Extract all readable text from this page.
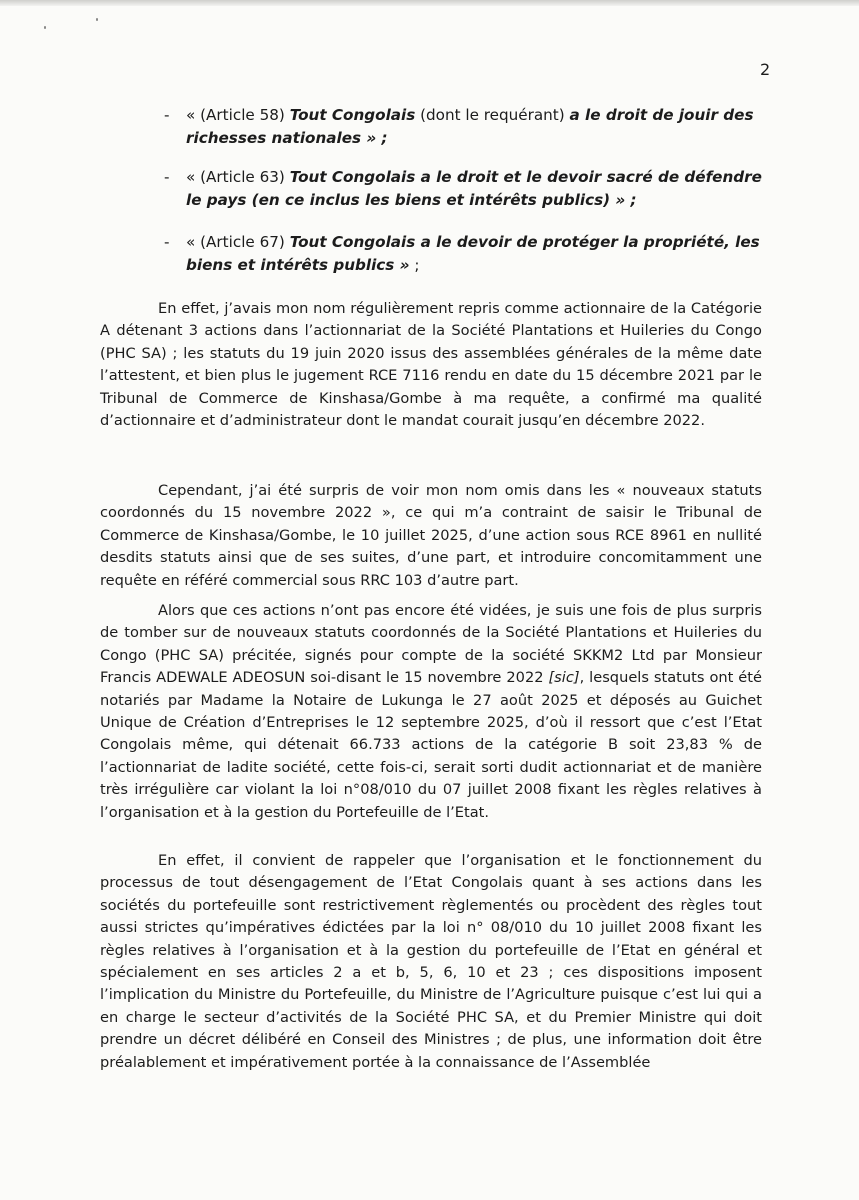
2
-	« (Article 58) Tout Congolais (dont le requérant) a le droit de jouir des richesses nationales » ;
-	« (Article 63) Tout Congolais a le droit et le devoir sacré de défendre le pays (en ce inclus les biens et intérêts publics) » ;
-	« (Article 67) Tout Congolais a le devoir de protéger la propriété, les biens et intérêts publics » ;

En effet, j’avais mon nom régulièrement repris comme actionnaire de la Catégorie A détenant 3 actions dans l’actionnariat de la Société Plantations et Huileries du Congo (PHC SA) ; les statuts du 19 juin 2020 issus des assemblées générales de la même date l’attestent, et bien plus le jugement RCE 7116 rendu en date du 15 décembre 2021 par le Tribunal de Commerce de Kinshasa/Gombe à ma requête, a confirmé ma qualité d’actionnaire et d’administrateur dont le mandat courait jusqu’en décembre 2022.

Cependant, j’ai été surpris de voir mon nom omis dans les « nouveaux statuts coordonnés du 15 novembre 2022 », ce qui m’a contraint de saisir le Tribunal de Commerce de Kinshasa/Gombe, le 10 juillet 2025, d’une action sous RCE 8961 en nullité desdits statuts ainsi que de ses suites, d’une part, et introduire concomitamment une requête en référé commercial sous RRC 103 d’autre part.

Alors que ces actions n’ont pas encore été vidées, je suis une fois de plus surpris de tomber sur de nouveaux statuts coordonnés de la Société Plantations et Huileries du Congo (PHC SA) précitée, signés pour compte de la société SKKM2 Ltd par Monsieur Francis ADEWALE ADEOSUN soi-disant le 15 novembre 2022 [sic], lesquels statuts ont été notariés par Madame la Notaire de Lukunga le 27 août 2025 et déposés au Guichet Unique de Création d’Entreprises le 12 septembre 2025, d’où il ressort que c’est l’Etat Congolais même, qui détenait 66.733 actions de la catégorie B soit 23,83 % de l’actionnariat de ladite société, cette fois-ci, serait sorti dudit actionnariat et de manière très irrégulière car violant la loi n°08/010 du 07 juillet 2008 fixant les règles relatives à l’organisation et à la gestion du Portefeuille de l’Etat.

En effet, il convient de rappeler que l’organisation et le fonctionnement du processus de tout désengagement de l’Etat Congolais quant à ses actions dans les sociétés du portefeuille sont restrictivement règlementés ou procèdent des règles tout aussi strictes qu’impératives édictées par la loi n° 08/010 du 10 juillet 2008 fixant les règles relatives à l’organisation et à la gestion du portefeuille de l’Etat en général et spécialement en ses articles 2 a et b, 5, 6, 10 et 23 ; ces dispositions imposent l’implication du Ministre du Portefeuille, du Ministre de l’Agriculture puisque c’est lui qui a en charge le secteur d’activités de la Société PHC SA, et du Premier Ministre qui doit prendre un décret délibéré en Conseil des Ministres ; de plus, une information doit être préalablement et impérativement portée à la connaissance de l’Assemblée
